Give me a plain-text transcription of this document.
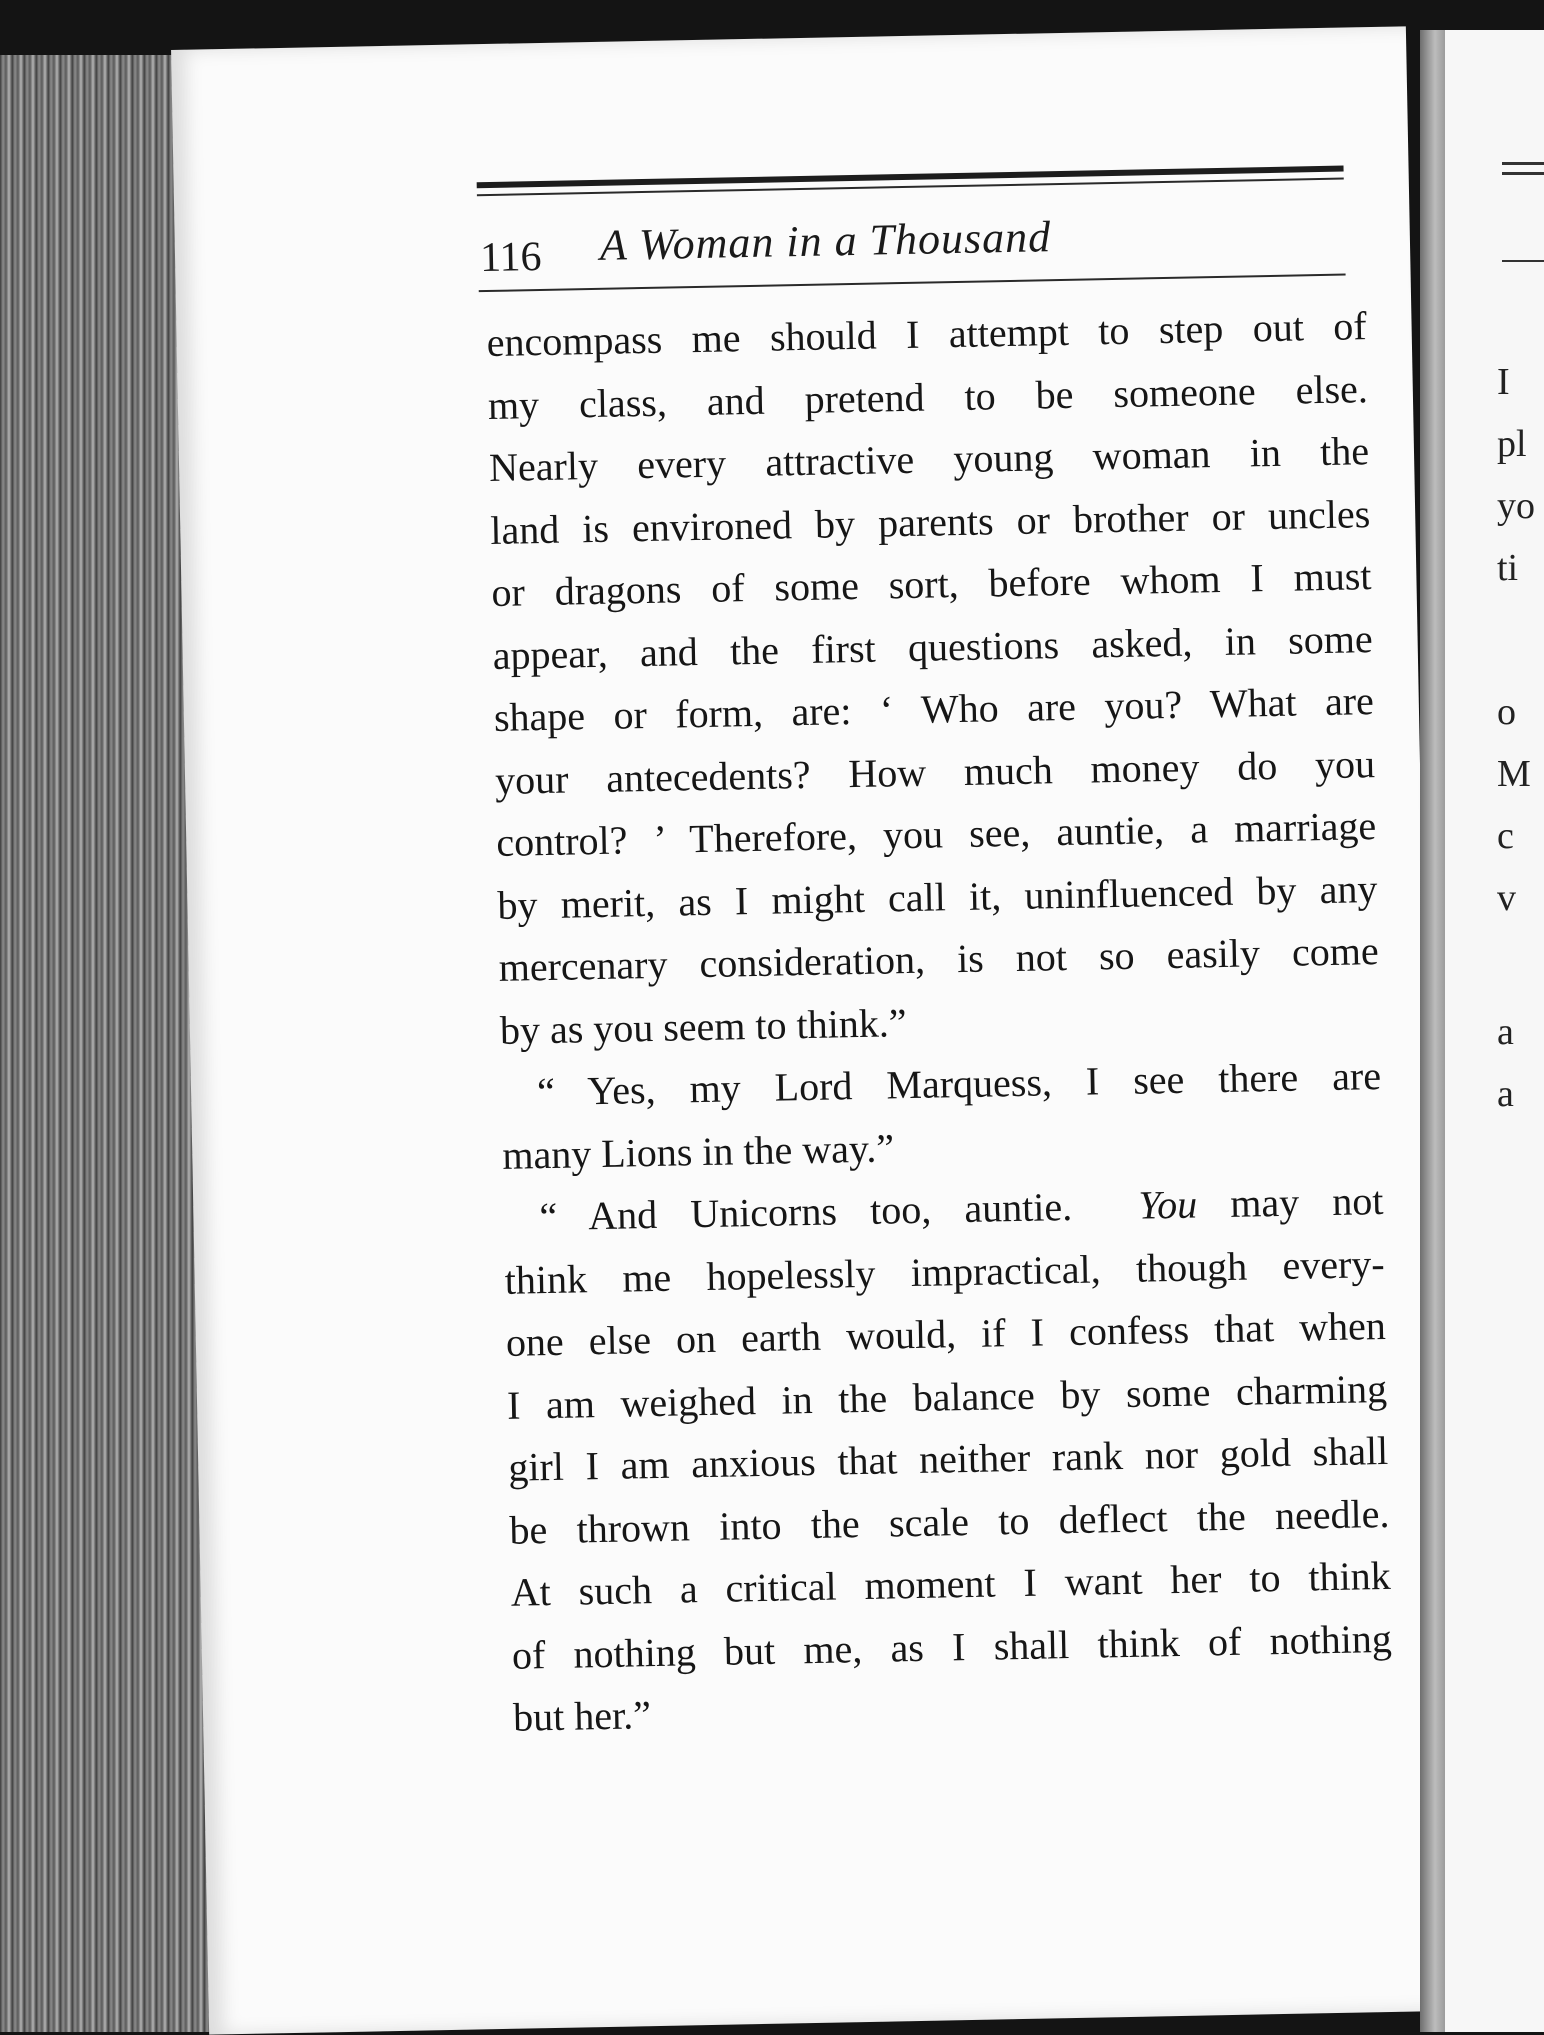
116 A Woman in a Thousand
encompass me should I attempt to step out of
my class, and pretend to be someone else.
Nearly every attractive young woman in the
land is environed by parents or brother or uncles
or dragons of some sort, before whom I must
appear, and the first questions asked, in some
shape or form, are: ‘ Who are you? What are
your antecedents? How much money do you
control? ’ Therefore, you see, auntie, a marriage
by merit, as I might call it, uninfluenced by any
mercenary consideration, is not so easily come
by as you seem to think.”
“ Yes, my Lord Marquess, I see there are
many Lions in the way.”
“ And Unicorns too, auntie. You may not
think me hopelessly impractical, though every-
one else on earth would, if I confess that when
I am weighed in the balance by some charming
girl I am anxious that neither rank nor gold shall
be thrown into the scale to deflect the needle.
At such a critical moment I want her to think
of nothing but me, as I shall think of nothing
but her.”
I
pl
yo
ti
o
M
c
v
a
a
